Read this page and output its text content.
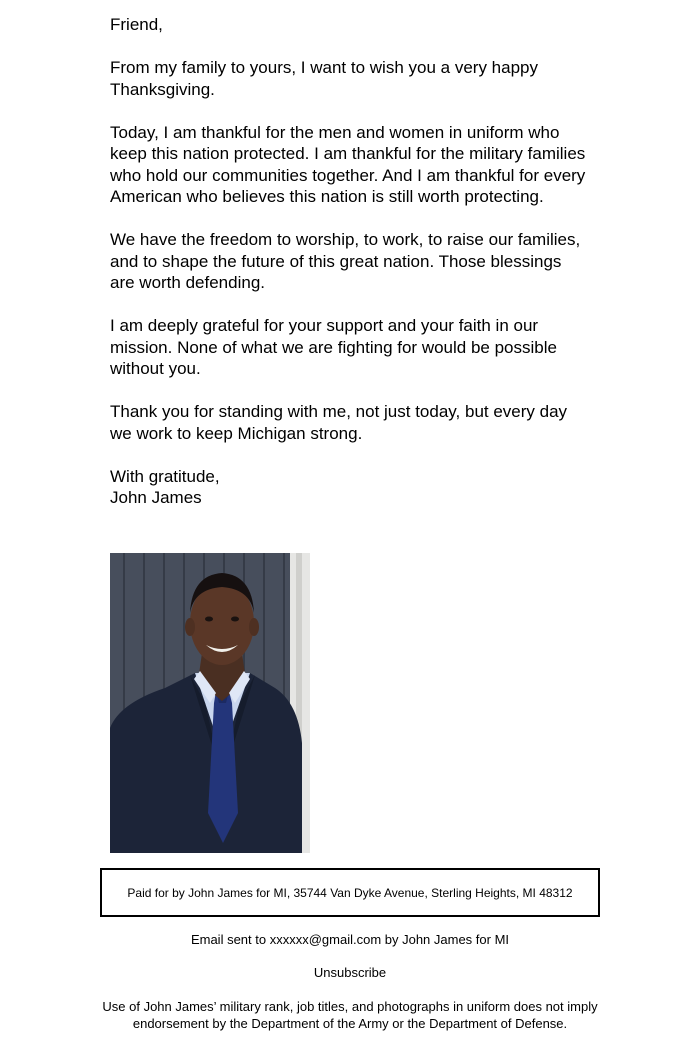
Friend,

From my family to yours, I want to wish you a very happy Thanksgiving.

Today, I am thankful for the men and women in uniform who keep this nation protected. I am thankful for the military families who hold our communities together. And I am thankful for every American who believes this nation is still worth protecting.

We have the freedom to worship, to work, to raise our families, and to shape the future of this great nation. Those blessings are worth defending.

I am deeply grateful for your support and your faith in our mission. None of what we are fighting for would be possible without you.

Thank you for standing with me, not just today, but every day we work to keep Michigan strong.

With gratitude,

John James

Paid for by John James for MI, 35744 Van Dyke Avenue, Sterling Heights, MI 48312
Email sent to xxxxxx@gmail.com by John James for MI
Unsubscribe
Use of John James’ military rank, job titles, and photographs in uniform does not imply endorsement by the Department of the Army or the Department of Defense.
